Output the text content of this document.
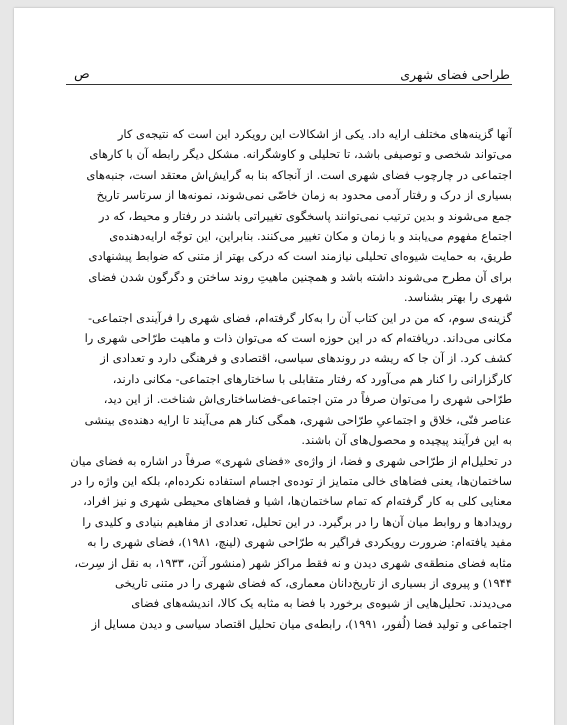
طراحی فضای شهری
ص
آنها گزینه‌های مختلف ارایه داد. یکی از اشکالات این رویکرد این است که نتیجه‌ی کار
می‌تواند شخصی و توصیفی باشد، تا تحلیلی و کاوشگرانه. مشکل دیگر رابطه آن با کارهای
اجتماعی در چارچوب فضای شهری است. از آنجاکه بنا به گرایش‌اش معتقد است، جنبه‌های
بسیاری از درک و رفتار آدمی محدود به زمان خاصّی نمی‌شوند، نمونه‌ها از سرتاسر تاریخ
جمع می‌شوند و بدین ترتیب نمی‌توانند پاسخگوی تغییراتی باشند در رفتار و محیط، که در
اجتماع مفهوم می‌یابند و با زمان و مکان تغییر می‌کنند. بنابراین، این توجّه ارایه‌دهنده‌ی
طریق، به حمایت شیوه‌ای تحلیلی نیازمند است که درکی بهتر از متنی که ضوابط پیشنهادی
برای آن مطرح می‌شوند داشته باشد و همچنین ماهیتِ روند ساختن و دگرگون شدن فضای
شهری را بهتر بشناسد.
گزینه‌ی سوم، که من در این کتاب آن را به‌کار گرفته‌ام، فضای شهری را فرآیندی اجتماعی-
مکانی می‌داند. دریافته‌ام که در این حوزه است که می‌توان ذات و ماهیت طرّاحی شهری را
کشف کرد. از آن جا که ریشه در روندهای سیاسی، اقتصادی و فرهنگی دارد و تعدادی از
کارگزارانی را کنار هم می‌آورد که رفتار متقابلی با ساختارهای اجتماعی- مکانی دارند،
طرّاحی شهری را می‌توان صرفاً در متن اجتماعی-فضاساختاری‌اش شناخت. از این دید،
عناصر فنّی، خلاق و اجتماعیِ طرّاحی شهری، همگی کنار هم می‌آیند تا ارایه دهنده‌ی بینشی
به این فرآیند پیچیده و محصول‌های آن باشند.
در تحلیل‌ام از طرّاحی شهری و فضا، از واژه‌ی «فضای شهری» صرفاً در اشاره به فضای میان
ساختمان‌ها، یعنی فضاهای خالی متمایز از توده‌ی اجسام استفاده نکرده‌ام، بلکه این واژه را در
معنایی کلی به کار گرفته‌ام که تمام ساختمان‌ها، اشیا و فضاهای محیطی شهری و نیز افراد،
رویدادها و روابط میان آن‌ها را در برگیرد. در این تحلیل، تعدادی از مفاهیم بنیادی و کلیدی را
مفید یافته‌ام: ضرورت رویکردی فراگیر به طرّاحی شهری (لینچ، ۱۹۸۱)، فضای شهری را به
مثابه فضای منطقه‌ی شهری دیدن و نه فقط مراکز شهر (منشور آتن، ۱۹۳۳، به نقل از سِرت،
۱۹۴۴) و پیروی از بسیاری از تاریخ‌دانان معماری، که فضای شهری را در متنی تاریخی
می‌دیدند. تحلیل‌هایی از شیوه‌ی برخورد با فضا به مثابه یک کالا، اندیشه‌های فضای
اجتماعی و تولید فضا (لُفور، ۱۹۹۱)، رابطه‌ی میان تحلیل اقتصاد سیاسی و دیدن مسایل از
